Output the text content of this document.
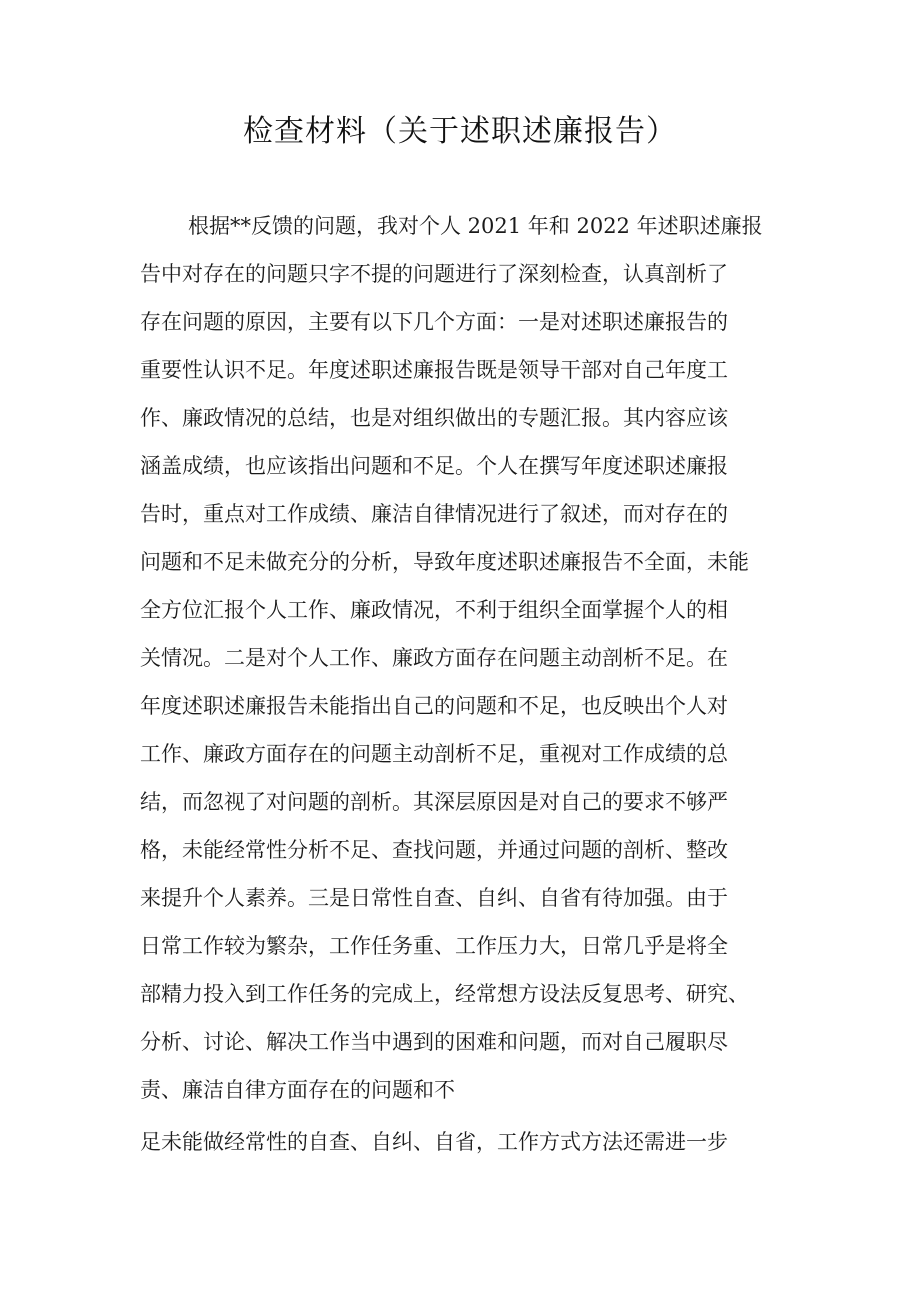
检查材料（关于述职述廉报告）
根据**反馈的问题，我对个人 2021 年和 2022 年述职述廉报
告中对存在的问题只字不提的问题进行了深刻检查，认真剖析了
存在问题的原因，主要有以下几个方面：一是对述职述廉报告的
重要性认识不足。年度述职述廉报告既是领导干部对自己年度工
作、廉政情况的总结，也是对组织做出的专题汇报。其内容应该
涵盖成绩，也应该指出问题和不足。个人在撰写年度述职述廉报
告时，重点对工作成绩、廉洁自律情况进行了叙述，而对存在的
问题和不足未做充分的分析，导致年度述职述廉报告不全面，未能
全方位汇报个人工作、廉政情况，不利于组织全面掌握个人的相
关情况。二是对个人工作、廉政方面存在问题主动剖析不足。在
年度述职述廉报告未能指出自己的问题和不足，也反映出个人对
工作、廉政方面存在的问题主动剖析不足，重视对工作成绩的总
结，而忽视了对问题的剖析。其深层原因是对自己的要求不够严
格，未能经常性分析不足、查找问题，并通过问题的剖析、整改
来提升个人素养。三是日常性自查、自纠、自省有待加强。由于
日常工作较为繁杂，工作任务重、工作压力大，日常几乎是将全
部精力投入到工作任务的完成上，经常想方设法反复思考、研究、
分析、讨论、解决工作当中遇到的困难和问题，而对自己履职尽
责、廉洁自律方面存在的问题和不
足未能做经常性的自查、自纠、自省，工作方式方法还需进一步
